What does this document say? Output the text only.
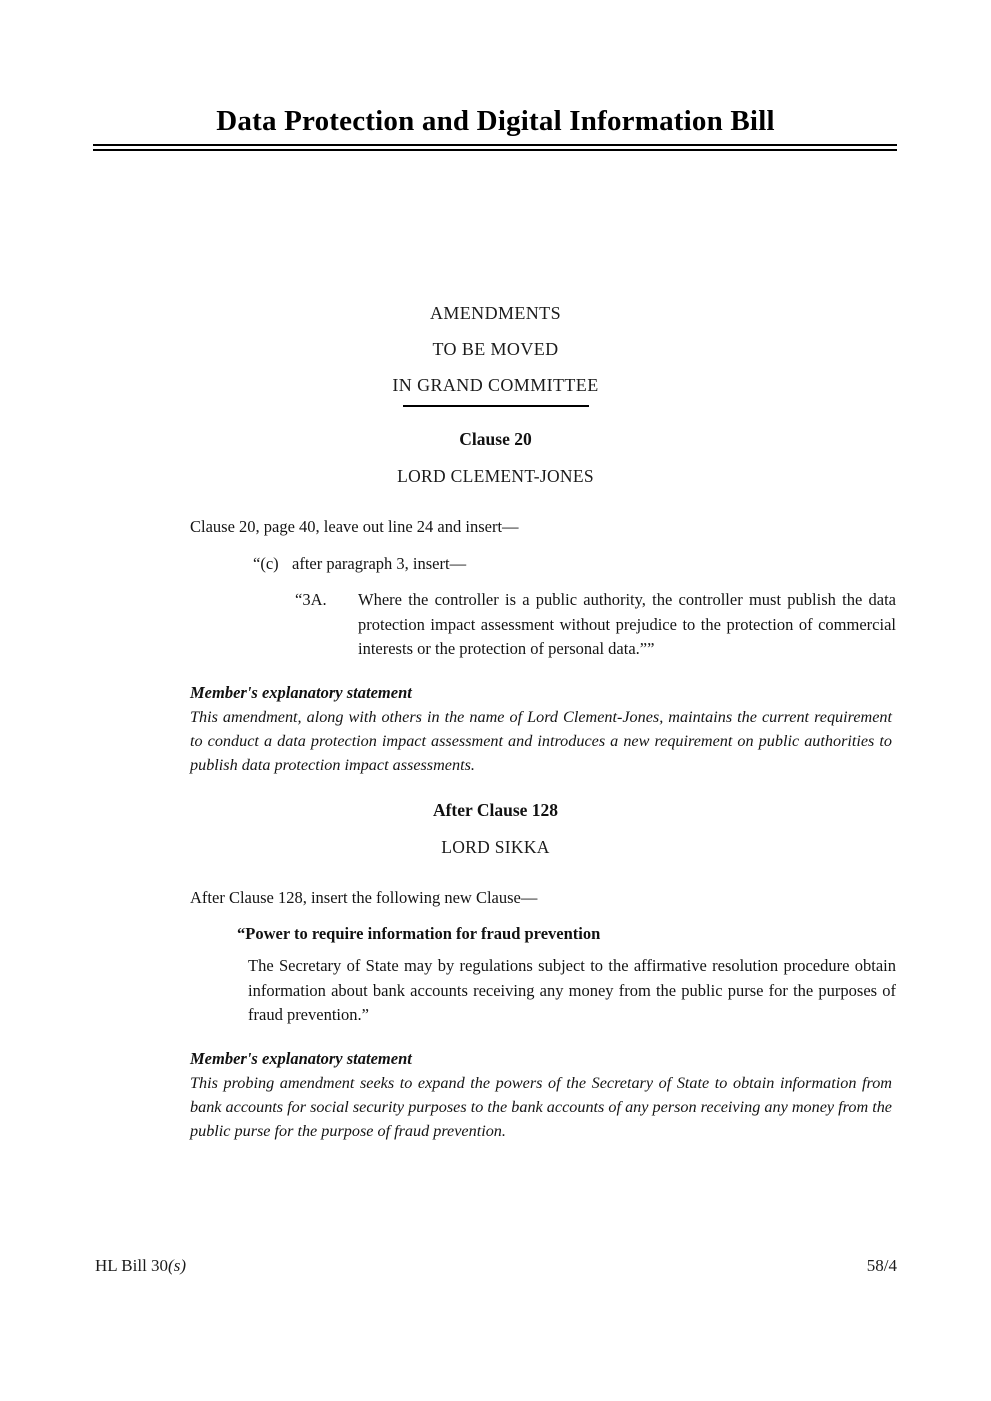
Data Protection and Digital Information Bill
AMENDMENTS
TO BE MOVED
IN GRAND COMMITTEE
Clause 20
LORD CLEMENT-JONES

Clause 20, page 40, leave out line 24 and insert—

“(c) after paragraph 3, insert—
“3A. Where the controller is a public authority, the controller must publish the data protection impact assessment without prejudice to the protection of commercial interests or the protection of personal data.””
Member's explanatory statement
This amendment, along with others in the name of Lord Clement-Jones, maintains the current requirement to conduct a data protection impact assessment and introduces a new requirement on public authorities to publish data protection impact assessments.
After Clause 128
LORD SIKKA

After Clause 128, insert the following new Clause—

“Power to require information for fraud prevention
The Secretary of State may by regulations subject to the affirmative resolution procedure obtain information about bank accounts receiving any money from the public purse for the purposes of fraud prevention.”
Member's explanatory statement
This probing amendment seeks to expand the powers of the Secretary of State to obtain information from bank accounts for social security purposes to the bank accounts of any person receiving any money from the public purse for the purpose of fraud prevention.
HL Bill 30(s)	58/4
